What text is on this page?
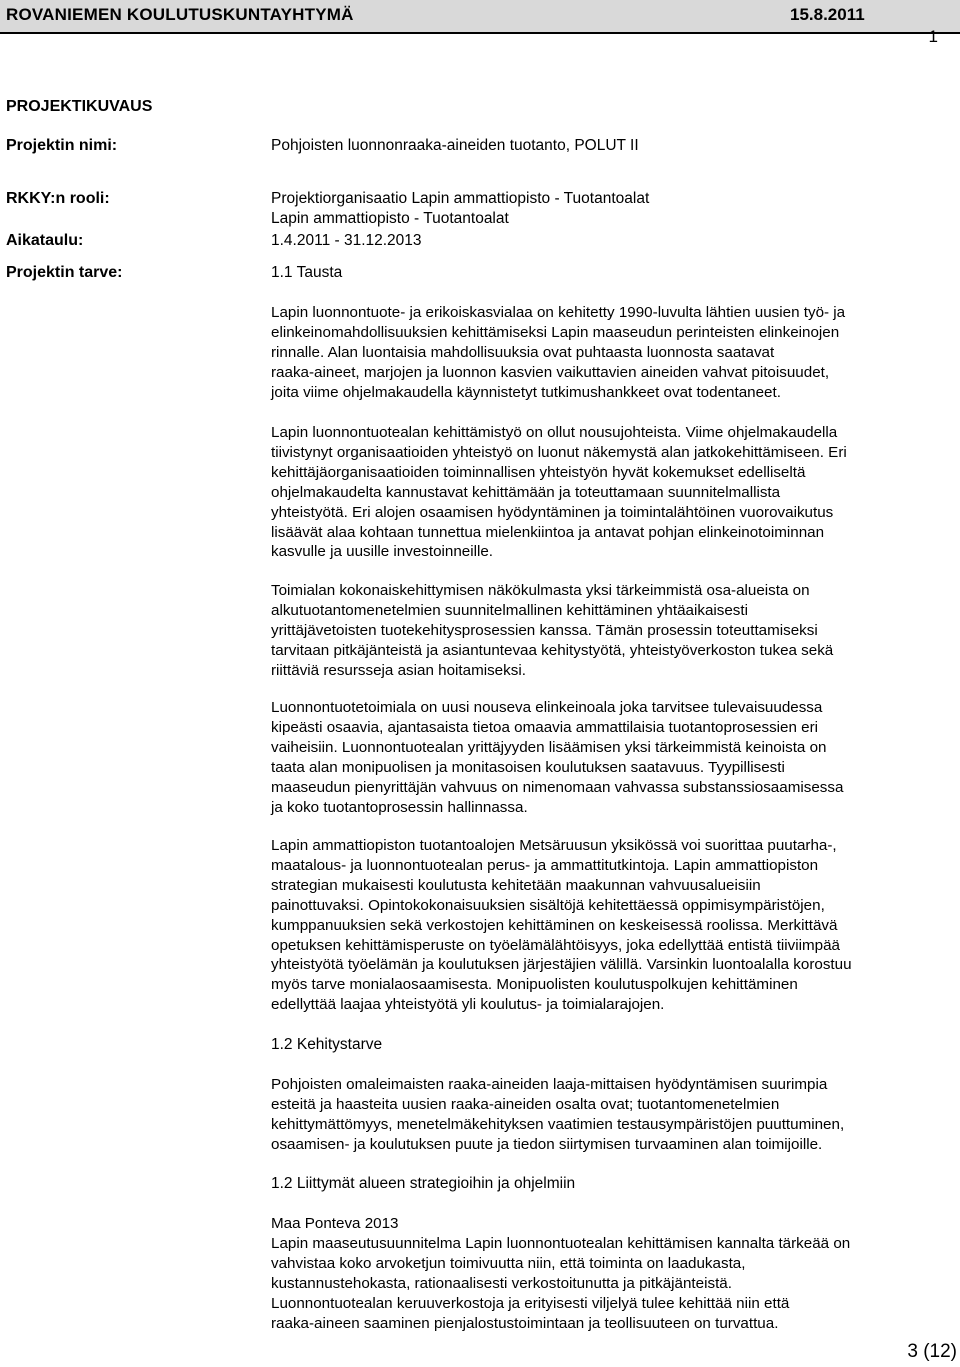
ROVANIEMEN KOULUTUSKUNTAYHTYMÄ	15.8.2011
1
PROJEKTIKUVAUS
Projektin nimi:	Pohjoisten luonnonraaka-aineiden tuotanto, POLUT II
RKKY:n rooli:	Projektiorganisaatio Lapin ammattiopisto - Tuotantoalat
Lapin ammattiopisto - Tuotantoalat
Aikataulu:	1.4.2011 - 31.12.2013
Projektin tarve:	1.1 Tausta
Lapin luonnontuote- ja erikoiskasvialaa on kehitetty 1990-luvulta lähtien uusien työ- ja
elinkeinomahdollisuuksien kehittämiseksi Lapin maaseudun perinteisten elinkeinojen
rinnalle. Alan luontaisia mahdollisuuksia ovat puhtaasta luonnosta saatavat
raaka-aineet, marjojen ja luonnon kasvien vaikuttavien aineiden vahvat pitoisuudet,
joita viime ohjelmakaudella käynnistetyt tutkimushankkeet ovat todentaneet.
Lapin luonnontuotealan kehittämistyö on ollut nousujohteista. Viime ohjelmakaudella
tiivistynyt organisaatioiden yhteistyö on luonut näkemystä alan jatkokehittämiseen. Eri
kehittäjäorganisaatioiden toiminnallisen yhteistyön hyvät kokemukset edelliseltä
ohjelmakaudelta kannustavat kehittämään ja toteuttamaan suunnitelmallista
yhteistyötä. Eri alojen osaamisen hyödyntäminen ja toimintalähtöinen vuorovaikutus
lisäävät alaa kohtaan tunnettua mielenkiintoa ja antavat pohjan elinkeinotoiminnan
kasvulle ja uusille investoinneille.
Toimialan kokonaiskehittymisen näkökulmasta yksi tärkeimmistä osa-alueista on
alkutuotantomenetelmien suunnitelmallinen kehittäminen yhtäaikaisesti
yrittäjävetoisten tuotekehitysprosessien kanssa. Tämän prosessin toteuttamiseksi
tarvitaan pitkäjänteistä ja asiantuntevaa kehitystyötä, yhteistyöverkoston tukea sekä
riittäviä resursseja asian hoitamiseksi.
Luonnontuotetoimiala on uusi nouseva elinkeinoala joka tarvitsee tulevaisuudessa
kipeästi osaavia, ajantasaista tietoa omaavia ammattilaisia tuotantoprosessien eri
vaiheisiin. Luonnontuotealan yrittäjyyden lisäämisen yksi tärkeimmistä keinoista on
taata alan monipuolisen ja monitasoisen koulutuksen saatavuus. Tyypillisesti
maaseudun pienyrittäjän vahvuus on nimenomaan vahvassa substanssiosaamisessa
ja koko tuotantoprosessin hallinnassa.
Lapin ammattiopiston tuotantoalojen Metsäruusun yksikössä voi suorittaa puutarha-,
maatalous- ja luonnontuotealan perus- ja ammattitutkintoja. Lapin ammattiopiston
strategian mukaisesti koulutusta kehitetään maakunnan vahvuusalueisiin
painottuvaksi. Opintokokonaisuuksien sisältöjä kehitettäessä oppimisympäristöjen,
kumppanuuksien sekä verkostojen kehittäminen on keskeisessä roolissa. Merkittävä
opetuksen kehittämisperuste on työelämälähtöisyys, joka edellyttää entistä tiiviimpää
yhteistyötä työelämän ja koulutuksen järjestäjien välillä. Varsinkin luontoalalla korostuu
myös tarve monialaosaamisesta. Monipuolisten koulutuspolkujen kehittäminen
edellyttää laajaa yhteistyötä yli koulutus- ja toimialarajojen.
1.2 Kehitystarve
Pohjoisten omaleimaisten raaka-aineiden laaja-mittaisen hyödyntämisen suurimpia
esteitä ja haasteita uusien raaka-aineiden osalta ovat; tuotantomenetelmien
kehittymättömyys, menetelmäkehityksen vaatimien testausympäristöjen puuttuminen,
osaamisen- ja koulutuksen puute ja tiedon siirtymisen turvaaminen alan toimijoille.
1.2 Liittymät alueen strategioihin ja ohjelmiin
Maa Ponteva 2013
Lapin maaseutusuunnitelma Lapin luonnontuotealan kehittämisen kannalta tärkeää on
vahvistaa koko arvoketjun toimivuutta niin, että toiminta on laadukasta,
kustannustehokasta, rationaalisesti verkostoitunutta ja pitkäjänteistä.
Luonnontuotealan keruuverkostoja ja erityisesti viljelyä tulee kehittää niin että
raaka-aineen saaminen pienjalostustoimintaan ja teollisuuteen on turvattua.
3 (12)
